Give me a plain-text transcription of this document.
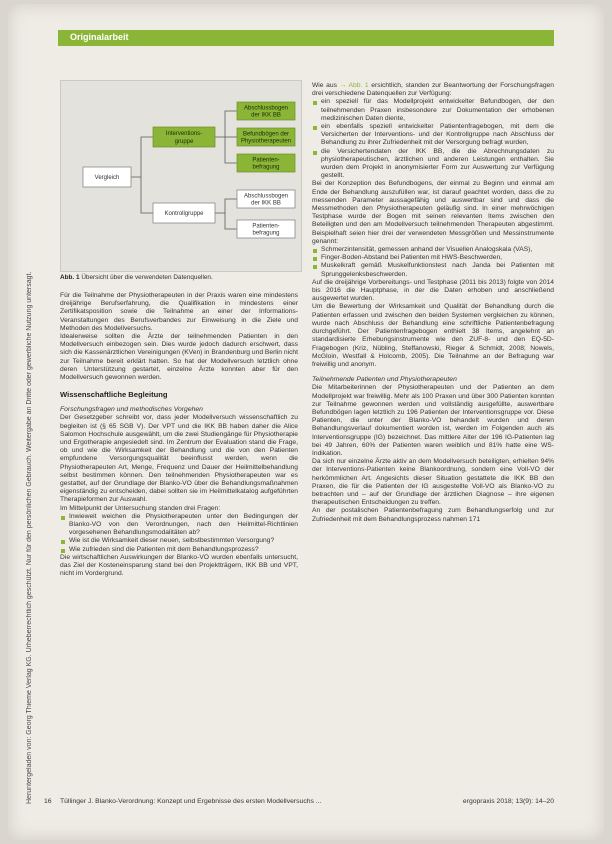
Originalarbeit
Heruntergeladen von: Georg Thieme Verlag KG. Urheberrechtlich geschützt. Nur für den persönlichen Gebrauch. Weitergabe an Dritte oder gewerbliche Nutzung untersagt.
Vergleich
Interventions-
gruppe
Kontrollgruppe
Abschlussbogen
der IKK BB
Befundbögen der
Physiotherapeuten
Patienten-
befragung
Abschlussbogen
der IKK BB
Patienten-
befragung
Abb. 1 Übersicht über die verwendeten Datenquellen.

Für die Teilnahme der Physiotherapeuten in der Praxis waren eine mindestens dreijährige Berufserfahrung, die Qualifikation in mindestens einer Zertifikatsposition sowie die Teilnahme an einer der Informations-Veranstaltungen des Berufsverbandes zur Einweisung in die Ziele und Methoden des Modellversuchs.

Idealerweise sollten die Ärzte der teilnehmenden Patienten in den Modellversuch einbezogen sein. Dies wurde jedoch dadurch erschwert, dass sich die Kassenärztlichen Vereinigungen (KVen) in Brandenburg und Berlin nicht zur Teilnahme bereit erklärt hatten. So hat der Modellversuch letztlich ohne deren Unterstützung gestartet, einzelne Ärzte konnten aber für den Modellversuch gewonnen werden.

Wissenschaftliche Begleitung
Forschungsfragen und methodisches Vorgehen

Der Gesetzgeber schreibt vor, dass jeder Modellversuch wissenschaftlich zu begleiten ist (§ 65 SGB V). Der VPT und die IKK BB haben daher die Alice Salomon Hochschule ausgewählt, um die zwei Studiengänge für Physiotherapie und Ergotherapie angesiedelt sind. Im Zentrum der Evaluation stand die Frage, ob und wie die Wirksamkeit der Behandlung und die von den Patienten empfundene Versorgungsqualität beeinflusst werden, wenn die Physiotherapeuten Art, Menge, Frequenz und Dauer der Heilmittelbehandlung selbst bestimmen können. Den teilnehmenden Physiotherapeuten war es gestattet, auf der Grundlage der Blanko-VO über die Behandlungsmaßnahmen eigenständig zu entscheiden, dabei sollten sie im Heilmittelkatalog aufgeführten Therapieformen zur Auswahl.

Im Mittelpunkt der Untersuchung standen drei Fragen:

Inwieweit weichen die Physiotherapeuten unter den Bedingungen der Blanko-VO von den Verordnungen, nach den Heilmittel-Richtlinien vorgesehenen Behandlungsmodalitäten ab?
Wie ist die Wirksamkeit dieser neuen, selbstbestimmten Versorgung?
Wie zufrieden sind die Patienten mit dem Behandlungsprozess?

Die wirtschaftlichen Auswirkungen der Blanko-VO wurden ebenfalls untersucht, das Ziel der Kosteneinsparung stand bei den Projektträgern, IKK BB und VPT, nicht im Vordergrund.

Wie aus → Abb. 1 ersichtlich, standen zur Beantwortung der Forschungsfragen drei verschiedene Datenquellen zur Verfügung:

ein speziell für das Modellprojekt entwickelter Befundbogen, der den teilnehmenden Praxen insbesondere zur Dokumentation der erhobenen medizinischen Daten diente,
ein ebenfalls speziell entwickelter Patientenfragebogen, mit dem die Versicherten der Interventions- und der Kontrollgruppe nach Abschluss der Behandlung zu ihrer Zufriedenheit mit der Versorgung befragt wurden,
die Versichertendaten der IKK BB, die die Abrechnungsdaten zu physiotherapeutischen, ärztlichen und anderen Leistungen enthalten. Sie wurden dem Projekt in anonymisierter Form zur Auswertung zur Verfügung gestellt.

Bei der Konzeption des Befundbogens, der einmal zu Beginn und einmal am Ende der Behandlung auszufüllen war, ist darauf geachtet worden, dass die zu messenden Parameter aussagefähig und auswertbar sind und dass die Messmethoden den Physiotherapeuten geläufig sind. In einer mehrwöchigen Testphase wurde der Bogen mit seinen relevanten Items zwischen den Beteiligten und den am Modellversuch teilnehmenden Therapeuten abgestimmt. Beispielhaft seien hier drei der verwendeten Messgrößen und Messinstrumente genannt:

Schmerzintensität, gemessen anhand der Visuellen Analogskala (VAS),
Finger-Boden-Abstand bei Patienten mit HWS-Beschwerden,
Muskelkraft gemäß Muskelfunktionstest nach Janda bei Patienten mit Sprunggelenksbeschwerden.

Auf die dreijährige Vorbereitungs- und Testphase (2011 bis 2013) folgte von 2014 bis 2016 die Hauptphase, in der die Daten erhoben und anschließend ausgewertet wurden.

Um die Bewertung der Wirksamkeit und Qualität der Behandlung durch die Patienten erfassen und zwischen den beiden Systemen vergleichen zu können, wurde nach Abschluss der Behandlung eine schriftliche Patientenbefragung durchgeführt. Der Patientenfragebogen enthielt 38 Items, angelehnt an standardisierte Erhebungsinstrumente wie den ZUF-8- und den EQ-5D-Fragebogen (Kriz, Nübling, Steffanowski, Rieger & Schmidt, 2008; Nowels, McGloin, Westfall & Holcomb, 2005). Die Teilnahme an der Befragung war freiwillig und anonym.

Teilnehmende Patienten und Physiotherapeuten

Die Mitarbeiterinnen der Physiotherapeuten und der Patienten an dem Modellprojekt war freiwillig. Mehr als 100 Praxen und über 300 Patienten konnten zur Teilnahme gewonnen werden und vollständig ausgefüllte, auswertbare Befundbögen lagen letztlich zu 196 Patienten der Interventionsgruppe vor. Diese Patienten, die unter der Blanko-VO behandelt wurden und deren Behandlungsverlauf dokumentiert worden ist, werden im Folgenden auch als Interventionsgruppe (IG) bezeichnet. Das mittlere Alter der 196 IG-Patienten lag bei 49 Jahren, 60% der Patienten waren weiblich und 81% hatte eine WS-Indikation.

Da sich nur einzelne Ärzte aktiv an dem Modellversuch beteiligten, erhielten 94% der Interventions-Patienten keine Blankoordnung, sondern eine Voll-VO der herkömmlichen Art. Angesichts dieser Situation gestattete die IKK BB den Praxen, die für die Patienten der IG ausgestellte Voll-VO als Blanko-VO zu betrachten und – auf der Grundlage der ärztlichen Diagnose – ihre eigenen therapeutischen Entscheidungen zu treffen.

An der postalischen Patientenbefragung zum Behandlungserfolg und zur Zufriedenheit mit dem Behandlungsprozess nahmen 171

16 Tüllinger J. Blanko-Verordnung: Konzept und Ergebnisse des ersten Modellversuchs ...	ergopraxis 2018; 13(9): 14–20
